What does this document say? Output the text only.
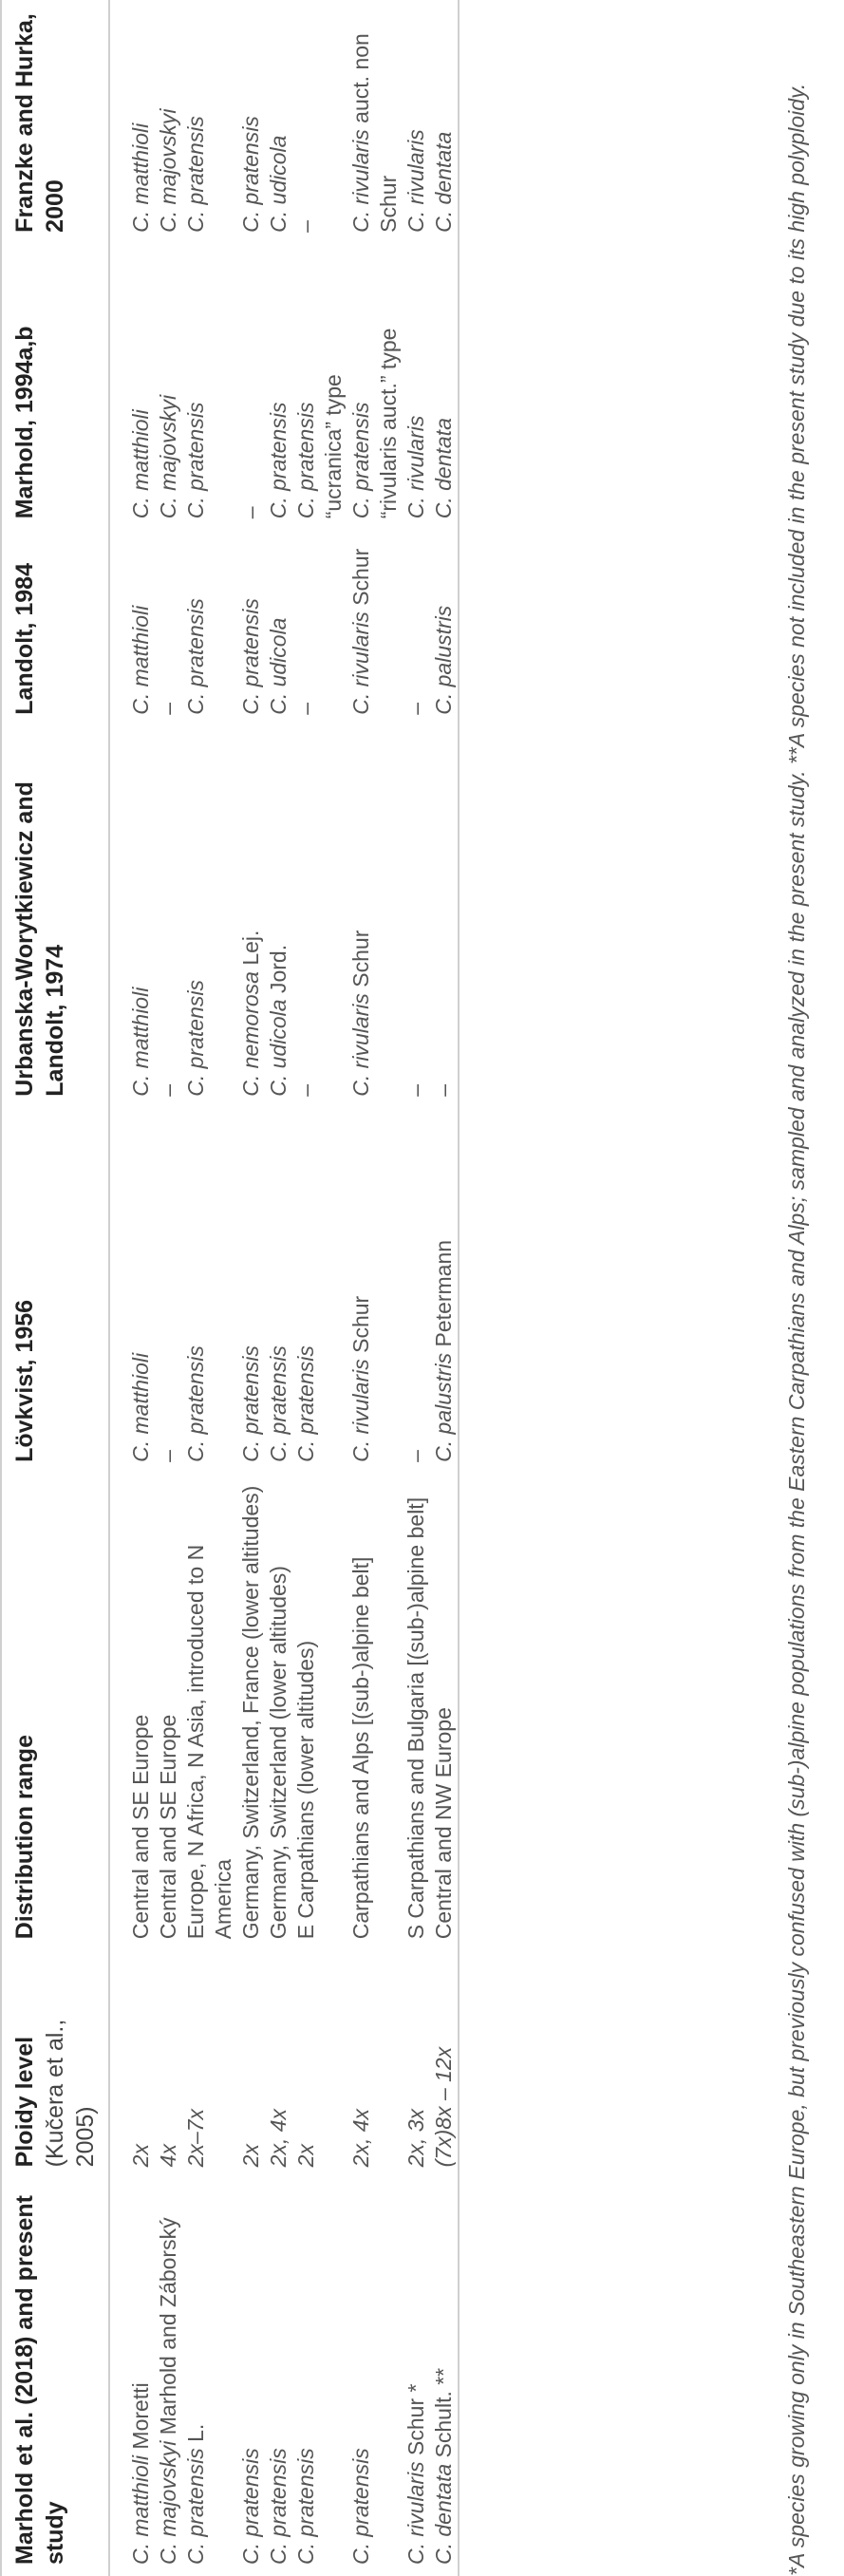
Marhold et al. (2018) and present study	Ploidy level (Kučera et al., 2005)	Distribution range	Lövkvist, 1956	Urbanska-Worytkiewicz and Landolt, 1974	Landolt, 1984	Marhold, 1994a,b	Franzke and Hurka, 2000
C. matthioli Moretti	2x	Central and SE Europe	C. matthioli	C. matthioli	C. matthioli	C. matthioli	C. matthioli
C. majovskyi Marhold and Záborský	4x	Central and SE Europe	–	–	–	C. majovskyi	C. majovskyi
C. pratensis L.	2x–7x	Europe, N Africa, N Asia, introduced to N America	C. pratensis	C. pratensis	C. pratensis	C. pratensis	C. pratensis
C. pratensis	2x	Germany, Switzerland, France (lower altitudes)	C. pratensis	C. nemorosa Lej.	C. pratensis	–	C. pratensis
C. pratensis	2x, 4x	Germany, Switzerland (lower altitudes)	C. pratensis	C. udicola Jord.	C. udicola	C. pratensis	C. udicola
C. pratensis	2x	E Carpathians (lower altitudes)	C. pratensis	–	–	C. pratensis “ucranica” type	–
C. pratensis	2x, 4x	Carpathians and Alps [(sub-)alpine belt]	C. rivularis Schur	C. rivularis Schur	C. rivularis Schur	C. pratensis “rivularis auct.” type	C. rivularis auct. non Schur
C. rivularis Schur *	2x, 3x	S Carpathians and Bulgaria [(sub-)alpine belt]	–	–	–	C. rivularis	C. rivularis
C. dentata Schult. **	(7x)8x – 12x	Central and NW Europe	C. palustris Petermann	–	C. palustris	C. dentata	C. dentata	*A species growing only in Southeastern Europe, but previously confused with (sub-)alpine populations from the Eastern Carpathians and Alps; sampled and analyzed in the present study. **A species not included in the present study due to its high polyploidy.
